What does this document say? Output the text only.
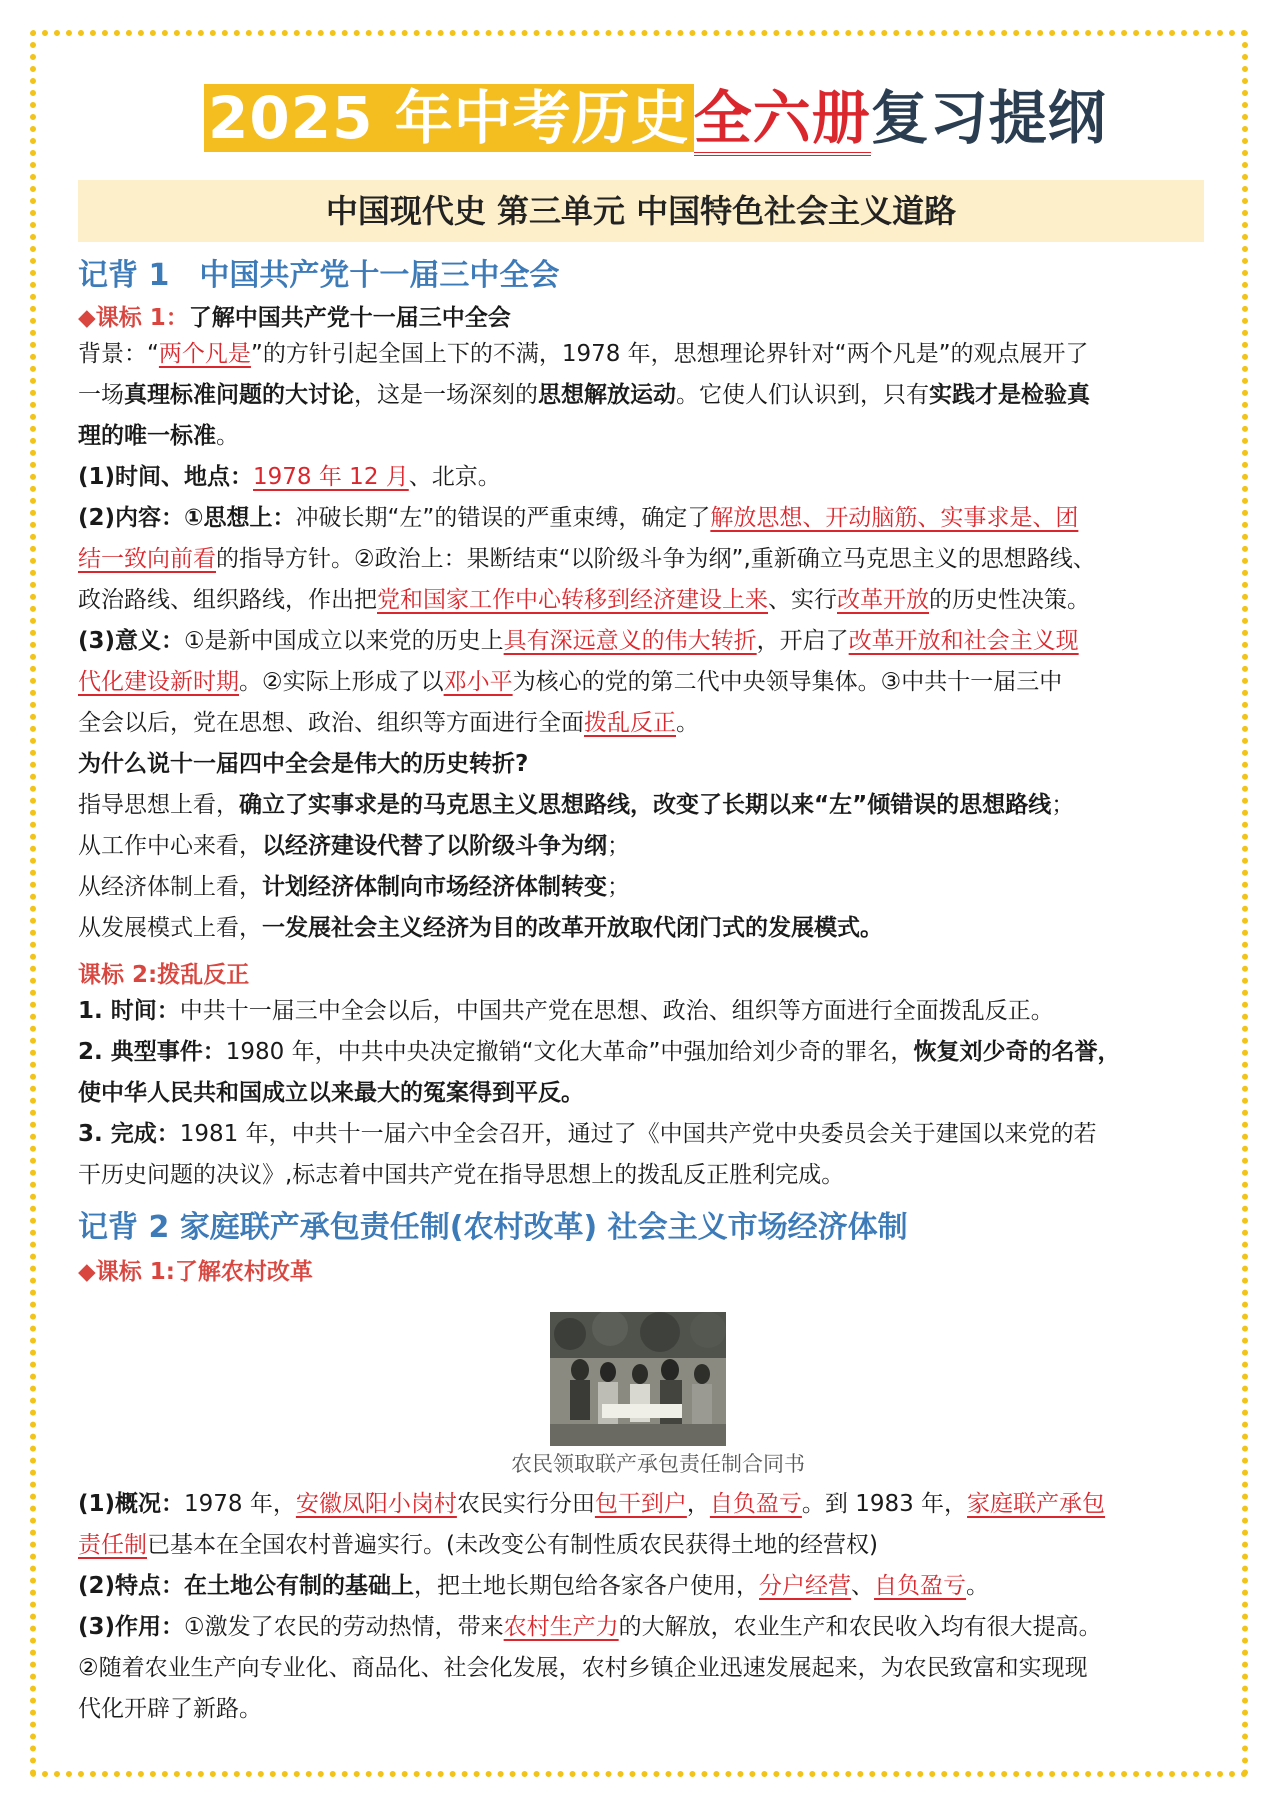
2025 年中考历史全六册复习提纲
中国现代史 第三单元 中国特色社会主义道路
记背 1　中国共产党十一届三中全会
◆课标 1：了解中国共产党十一届三中全会
背景：“两个凡是”的方针引起全国上下的不满，1978 年，思想理论界针对“两个凡是”的观点展开了
一场真理标准问题的大讨论，这是一场深刻的思想解放运动。它使人们认识到，只有实践才是检验真
理的唯一标准。
(1)时间、地点：1978 年 12 月、北京。
(2)内容：①思想上：冲破长期“左”的错误的严重束缚，确定了解放思想、开动脑筋、实事求是、团
结一致向前看的指导方针。②政治上：果断结束“以阶级斗争为纲”,重新确立马克思主义的思想路线、
政治路线、组织路线，作出把党和国家工作中心转移到经济建设上来、实行改革开放的历史性决策。
(3)意义：①是新中国成立以来党的历史上具有深远意义的伟大转折，开启了改革开放和社会主义现
代化建设新时期。②实际上形成了以邓小平为核心的党的第二代中央领导集体。③中共十一届三中
全会以后，党在思想、政治、组织等方面进行全面拨乱反正。
为什么说十一届四中全会是伟大的历史转折?
指导思想上看，确立了实事求是的马克思主义思想路线，改变了长期以来“左”倾错误的思想路线；
从工作中心来看，以经济建设代替了以阶级斗争为纲；
从经济体制上看，计划经济体制向市场经济体制转变；
从发展模式上看，一发展社会主义经济为目的改革开放取代闭门式的发展模式。
课标 2:拨乱反正
1. 时间：中共十一届三中全会以后，中国共产党在思想、政治、组织等方面进行全面拨乱反正。
2. 典型事件：1980 年，中共中央决定撤销“文化大革命”中强加给刘少奇的罪名，恢复刘少奇的名誉，
使中华人民共和国成立以来最大的冤案得到平反。
3. 完成：1981 年，中共十一届六中全会召开，通过了《中国共产党中央委员会关于建国以来党的若
干历史问题的决议》,标志着中国共产党在指导思想上的拨乱反正胜利完成。
记背 2 家庭联产承包责任制(农村改革) 社会主义市场经济体制
◆课标 1:了解农村改革
农民领取联产承包责任制合同书
(1)概况：1978 年，安徽凤阳小岗村农民实行分田包干到户，自负盈亏。到 1983 年，家庭联产承包
责任制已基本在全国农村普遍实行。(未改变公有制性质农民获得土地的经营权)
(2)特点：在土地公有制的基础上，把土地长期包给各家各户使用，分户经营、自负盈亏。
(3)作用：①激发了农民的劳动热情，带来农村生产力的大解放，农业生产和农民收入均有很大提高。
②随着农业生产向专业化、商品化、社会化发展，农村乡镇企业迅速发展起来，为农民致富和实现现
代化开辟了新路。
